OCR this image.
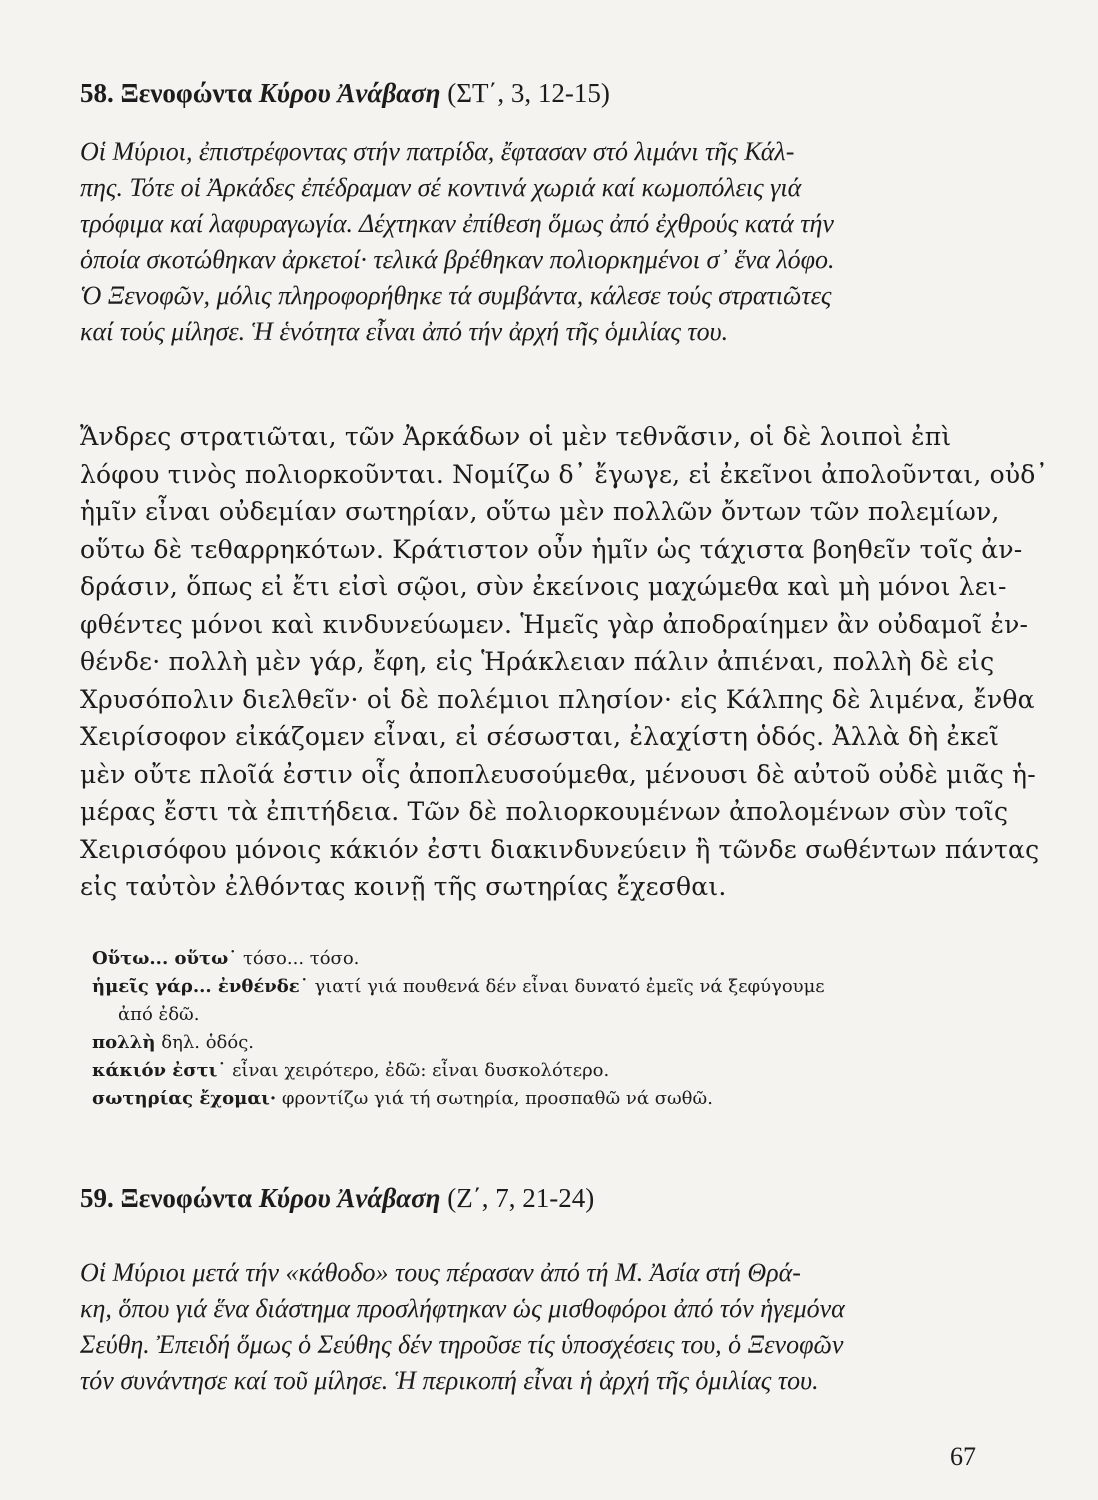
58. Ξενοφώντα Κύρου Ἀνάβαση (ΣΤ΄, 3, 12-15)
Οἱ Μύριοι, ἐπιστρέφοντας στήν πατρίδα, ἔφτασαν στό λιμάνι τῆς Κάλ-
πης. Τότε οἱ Ἀρκάδες ἐπέδραμαν σέ κοντινά χωριά καί κωμοπόλεις γιά
τρόφιμα καί λαφυραγωγία. Δέχτηκαν ἐπίθεση ὅμως ἀπό ἐχθρούς κατά τήν
ὁποία σκοτώθηκαν ἀρκετοί· τελικά βρέθηκαν πολιορκημένοι σ᾽ ἕνα λόφο.
Ὁ Ξενοφῶν, μόλις πληροφορήθηκε τά συμβάντα, κάλεσε τούς στρατιῶτες
καί τούς μίλησε. Ἡ ἑνότητα εἶναι ἀπό τήν ἀρχή τῆς ὁμιλίας του.
Ἄνδρες στρατιῶται, τῶν Ἀρκάδων οἱ μὲν τεθνᾶσιν, οἱ δὲ λοιποὶ ἐπὶ
λόφου τινὸς πολιορκοῦνται. Νομίζω δ᾽ ἔγωγε, εἰ ἐκεῖνοι ἀπολοῦνται, οὐδ᾽
ἡμῖν εἶναι οὐδεμίαν σωτηρίαν, οὕτω μὲν πολλῶν ὄντων τῶν πολεμίων,
οὕτω δὲ τεθαρρηκότων. Κράτιστον οὖν ἡμῖν ὡς τάχιστα βοηθεῖν τοῖς ἀν-
δράσιν, ὅπως εἰ ἔτι εἰσὶ σῷοι, σὺν ἐκείνοις μαχώμεθα καὶ μὴ μόνοι λει-
φθέντες μόνοι καὶ κινδυνεύωμεν. Ἡμεῖς γὰρ ἀποδραίημεν ἂν οὐδαμοῖ ἐν-
θένδε· πολλὴ μὲν γάρ, ἔφη, εἰς Ἡράκλειαν πάλιν ἀπιέναι, πολλὴ δὲ εἰς
Χρυσόπολιν διελθεῖν· οἱ δὲ πολέμιοι πλησίον· εἰς Κάλπης δὲ λιμένα, ἔνθα
Χειρίσοφον εἰκάζομεν εἶναι, εἰ σέσωσται, ἐλαχίστη ὁδός. Ἀλλὰ δὴ ἐκεῖ
μὲν οὔτε πλοῖά ἐστιν οἷς ἀποπλευσούμεθα, μένουσι δὲ αὐτοῦ οὐδὲ μιᾶς ἡ-
μέρας ἔστι τὰ ἐπιτήδεια. Τῶν δὲ πολιορκουμένων ἀπολομένων σὺν τοῖς
Χειρισόφου μόνοις κάκιόν ἐστι διακινδυνεύειν ἢ τῶνδε σωθέντων πάντας
εἰς ταὐτὸν ἐλθόντας κοινῇ τῆς σωτηρίας ἔχεσθαι.
Οὕτω... οὕτω˙ τόσο... τόσο.
ἡμεῖς γάρ... ἐνθένδε˙ γιατί γιά πουθενά δέν εἶναι δυνατό ἐμεῖς νά ξεφύγουμε
ἀπό ἐδῶ.
πολλὴ δηλ. ὁδός.
κάκιόν ἐστι˙ εἶναι χειρότερο, ἐδῶ: εἶναι δυσκολότερο.
σωτηρίας ἔχομαι· φροντίζω γιά τή σωτηρία, προσπαθῶ νά σωθῶ.
59. Ξενοφώντα Κύρου Ἀνάβαση (Ζ΄, 7, 21-24)
Οἱ Μύριοι μετά τήν «κάθοδο» τους πέρασαν ἀπό τή Μ. Ἀσία στή Θρά-
κη, ὅπου γιά ἕνα διάστημα προσλήφτηκαν ὡς μισθοφόροι ἀπό τόν ἡγεμόνα
Σεύθη. Ἐπειδή ὅμως ὁ Σεύθης δέν τηροῦσε τίς ὑποσχέσεις του, ὁ Ξενοφῶν
τόν συνάντησε καί τοῦ μίλησε. Ἡ περικοπή εἶναι ἡ ἀρχή τῆς ὁμιλίας του.
67
